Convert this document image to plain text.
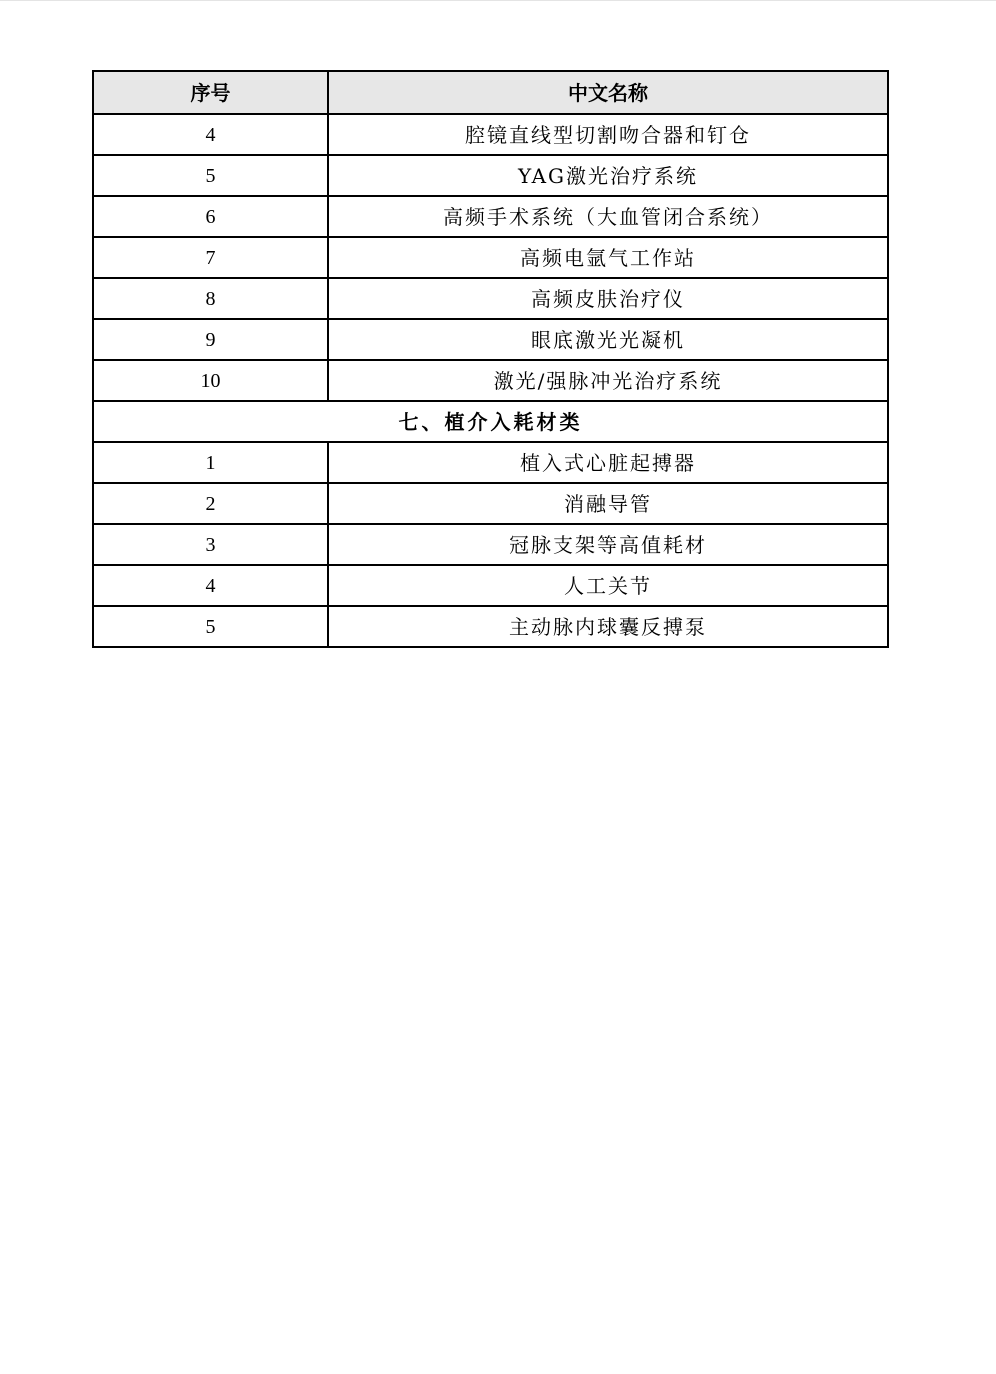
序号	中文名称
4	腔镜直线型切割吻合器和钉仓
5	YAG激光治疗系统
6	高频手术系统（大血管闭合系统）
7	高频电氩气工作站
8	高频皮肤治疗仪
9	眼底激光光凝机
10	激光/强脉冲光治疗系统
七、植介入耗材类	
1	植入式心脏起搏器
2	消融导管
3	冠脉支架等高值耗材
4	人工关节
5	主动脉内球囊反搏泵
